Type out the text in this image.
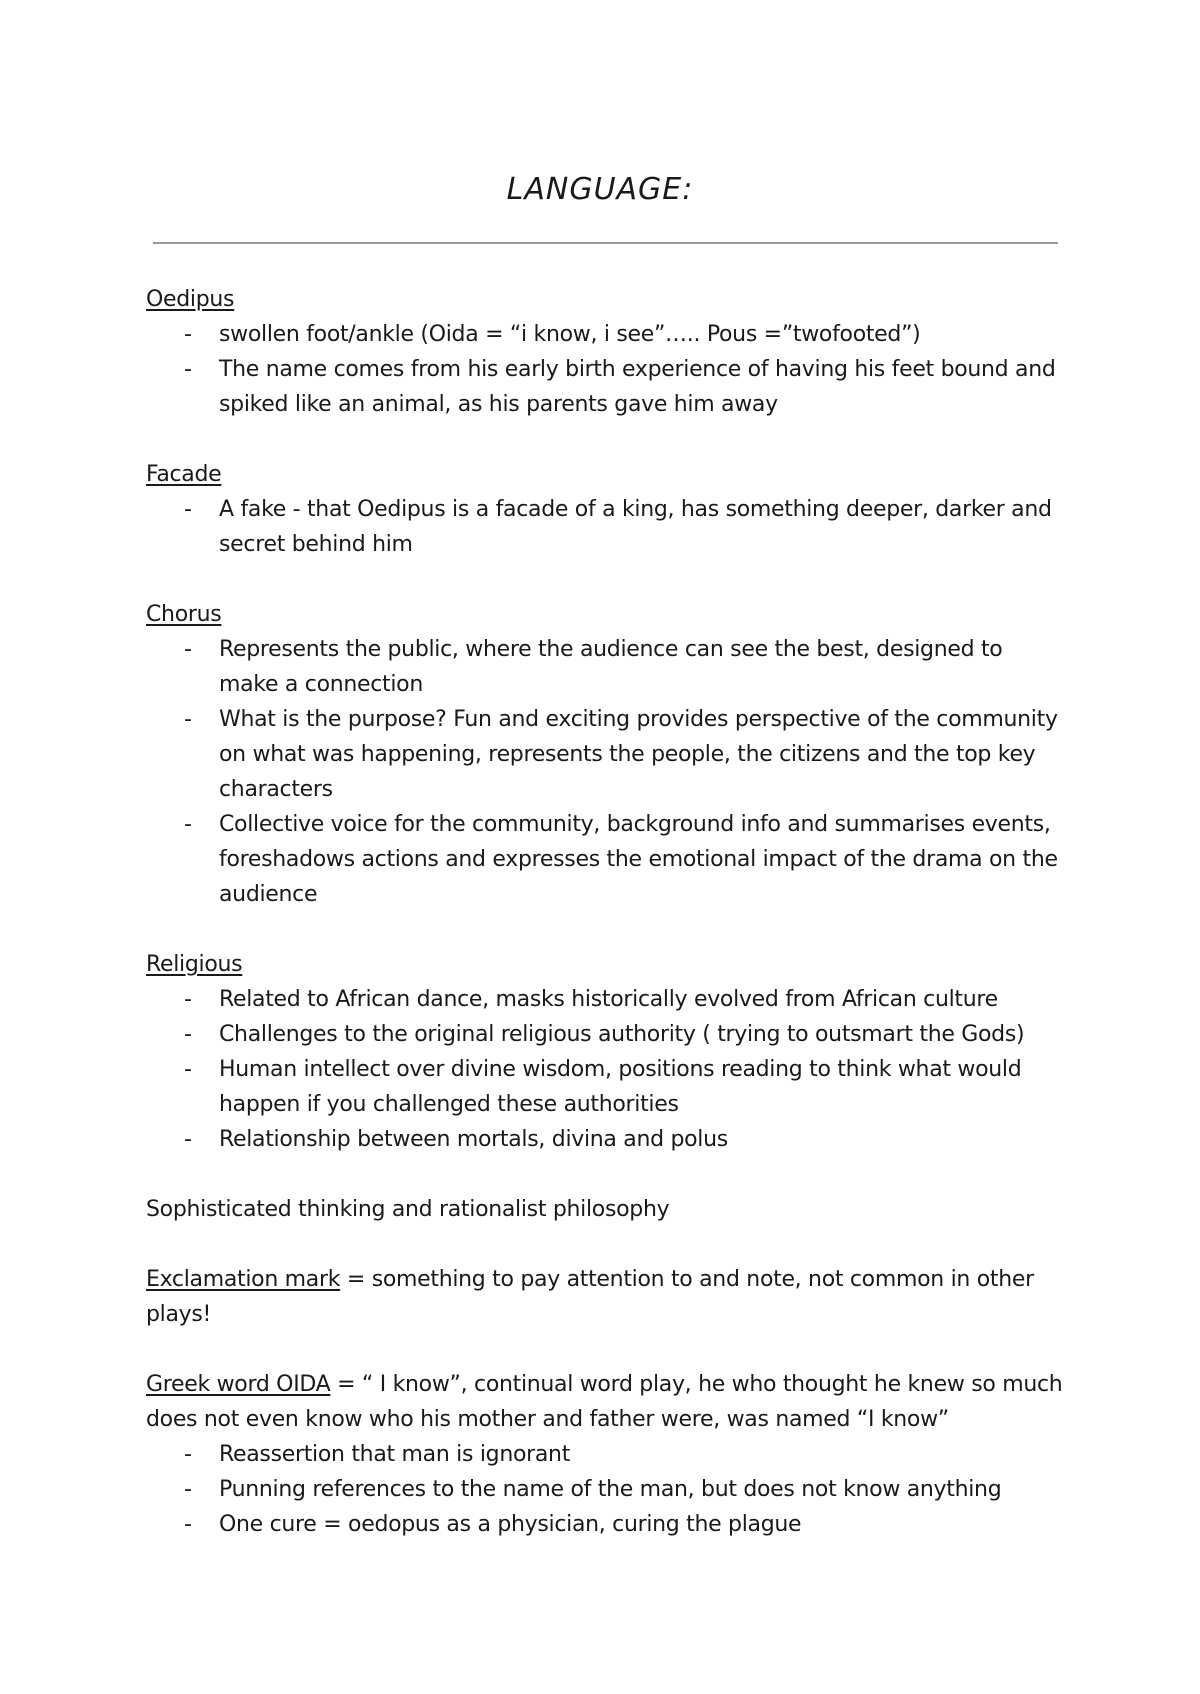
LANGUAGE:

Oedipus

- swollen foot/ankle (Oida = “i know, i see”….. Pous =”twofooted”)
- The name comes from his early birth experience of having his feet bound and spiked like an animal, as his parents gave him away

Facade

- A fake - that Oedipus is a facade of a king, has something deeper, darker and secret behind him

Chorus

- Represents the public, where the audience can see the best, designed to make a connection
- What is the purpose? Fun and exciting provides perspective of the community on what was happening, represents the people, the citizens and the top key characters
- Collective voice for the community, background info and summarises events, foreshadows actions and expresses the emotional impact of the drama on the audience

Religious

- Related to African dance, masks historically evolved from African culture
- Challenges to the original religious authority ( trying to outsmart the Gods)
- Human intellect over divine wisdom, positions reading to think what would happen if you challenged these authorities
- Relationship between mortals, divina and polus

Sophisticated thinking and rationalist philosophy

Exclamation mark = something to pay attention to and note, not common in other plays!

Greek word OIDA = “ I know”, continual word play, he who thought he knew so much does not even know who his mother and father were, was named “I know”

- Reassertion that man is ignorant
- Punning references to the name of the man, but does not know anything
- One cure = oedopus as a physician, curing the plague
